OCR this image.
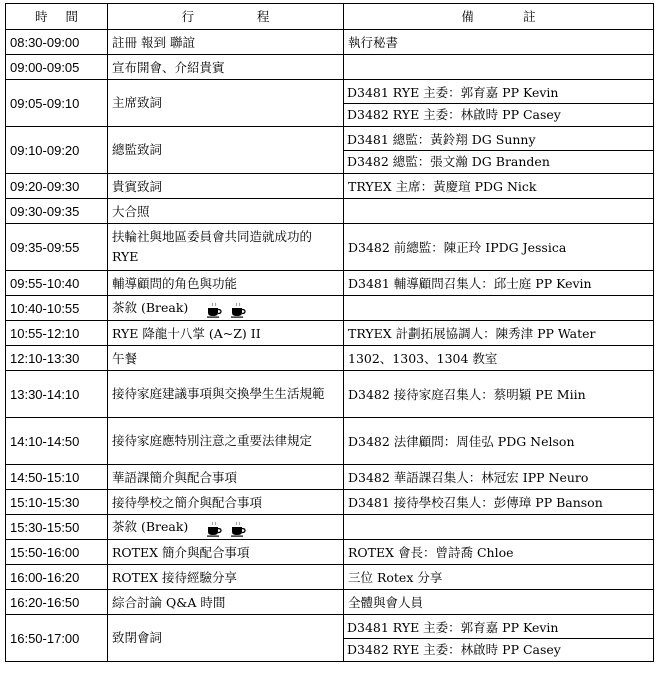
時 間	行 程	備 註

08:30-09:00	註冊 報到 聯誼	執行秘書
09:00-09:05	宣布開會、介紹貴賓	
09:05-09:10	主席致詞	D3481 RYE 主委：郭育嘉 PP Kevin
D3482 RYE 主委：林啟時 PP Casey

09:10-09:20	總監致詞	D3481 總監：黃鈴翔 DG Sunny
D3482 總監：張文瀚 DG Branden

09:20-09:30	貴賓致詞	TRYEX 主席：黃慶瑄 PDG Nick
09:30-09:35	大合照	
09:35-09:55	扶輪社與地區委員會共同造就成功的 RYE	D3482 前總監：陳正玲 IPDG Jessica
09:55-10:40	輔導顧問的角色與功能	D3481 輔導顧問召集人：邱士庭 PP Kevin
10:40-10:55	茶敘 (Break)	
10:55-12:10	RYE 降龍十八掌 (A~Z) II	TRYEX 計劃拓展協調人：陳秀津 PP Water
12:10-13:30	午餐	1302、1303、1304 教室
13:30-14:10	接待家庭建議事項與交換學生生活規範	D3482 接待家庭召集人：蔡明穎 PE Miin
14:10-14:50	接待家庭應特別注意之重要法律規定	D3482 法律顧問：周佳弘 PDG Nelson
14:50-15:10	華語課簡介與配合事項	D3482 華語課召集人：林冠宏 IPP Neuro
15:10-15:30	接待學校之簡介與配合事項	D3481 接待學校召集人：彭傳璋 PP Banson
15:30-15:50	茶敘 (Break)	
15:50-16:00	ROTEX 簡介與配合事項	ROTEX 會長：曾詩喬 Chloe
16:00-16:20	ROTEX 接待經驗分享	三位 Rotex 分享
16:20-16:50	綜合討論 Q&A 時間	全體與會人員
16:50-17:00	致閉會詞	D3481 RYE 主委：郭育嘉 PP Kevin
D3482 RYE 主委：林啟時 PP Casey
